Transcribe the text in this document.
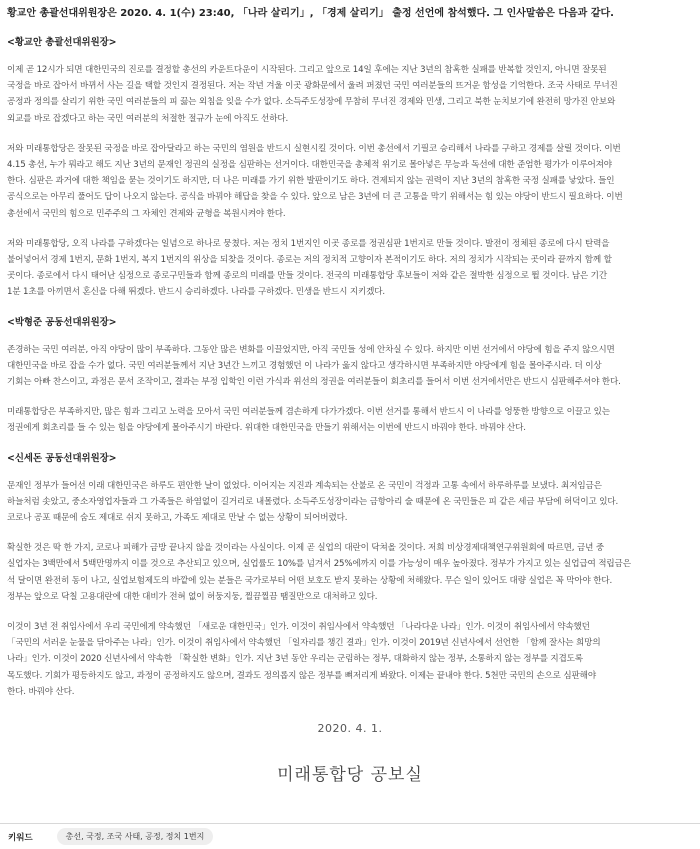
황교안 총괄선대위원장은 2020. 4. 1(수) 23:40, 「나라 살리기」, 「경제 살리기」 출정 선언에 참석했다. 그 인사말씀은 다음과 같다.
<황교안 총괄선대위원장>
이제 곧 12시가 되면 대한민국의 진로를 결정할 총선의 카운트다운이 시작된다. 그리고 앞으로 14일 후에는 지난 3년의 참혹한 실패를 반복할 것인지, 아니면 잘못된
국정을 바로 잡아서 바뀌서 사는 길을 택할 것인지 결정된다. 저는 작년 겨울 이곳 광화문에서 울려 퍼졌던 국민 여러분들의 뜨거운 함성을 기억한다. 조국 사태로 무너진
공정과 정의를 살리기 위한 국민 여러분들의 피 끓는 외침을 잊을 수가 없다. 소득주도성장에 무참히 무너진 경제와 민생, 그리고 북한 눈치보기에 완전히 망가진 안보와
외교를 바로 잡겠다고 하는 국민 여러분의 처절한 절규가 눈에 아직도 선하다.
저와 미래통합당은 잘못된 국정을 바로 잡아달라고 하는 국민의 염원을 반드시 실현시킬 것이다. 이번 총선에서 기필코 승리해서 나라를 구하고 경제를 살릴 것이다. 이번
4.15 총선, 누가 뭐라고 해도 지난 3년의 문재인 정권의 실정을 심판하는 선거이다. 대한민국을 총체적 위기로 몰아넣은 무능과 독선에 대한 준엄한 평가가 이루어져야
한다. 심판은 과거에 대한 책임을 묻는 것이기도 하지만, 더 나은 미래를 가기 위한 발판이기도 하다. 견제되지 않는 권력이 지난 3년의 참혹한 국정 실패를 낳았다. 들인
공식으로는 아무리 풀어도 답이 나오지 않는다. 공식을 바꿔야 해답을 찾을 수 있다. 앞으로 남은 3년에 더 큰 고통을 막기 위해서는 힘 있는 야당이 반드시 필요하다. 이번
총선에서 국민의 힘으로 민주주의 그 자체인 견제와 균형을 복원시켜야 한다.
저와 미래통합당, 오직 나라를 구하겠다는 일념으로 하나로 뭉쳤다. 저는 정치 1번지인 이곳 종로를 정권심판 1번지로 만들 것이다. 발전이 정체된 종로에 다시 탄력을
불어넣어서 경제 1번지, 문화 1번지, 복지 1번지의 위상을 되찾을 것이다. 종로는 저의 정치적 고향이자 본적이기도 하다. 저의 정치가 시작되는 곳이라 끝까지 함께 할
곳이다. 종로에서 다시 태어난 심정으로 종로구민들과 함께 종로의 미래를 만들 것이다. 전국의 미래통합당 후보들이 저와 같은 절박한 심정으로 뛸 것이다. 남은 기간
1분 1초를 아끼면서 혼신을 다해 뛰겠다. 반드시 승리하겠다. 나라를 구하겠다. 민생을 반드시 지키겠다.
<박형준 공동선대위원장>
존경하는 국민 여러분, 아직 야당이 많이 부족하다. 그동안 많은 변화를 이끌었지만, 아직 국민들 성에 안차실 수 있다. 하지만 이번 선거에서 야당에 힘을 주지 않으시면
대한민국을 바로 잡을 수가 없다. 국민 여러분들께서 지난 3년간 느끼고 경험했던 이 나라가 옳지 않다고 생각하시면 부족하지만 야당에게 힘을 몰아주시라. 더 이상
기회는 아빠 찬스이고, 과정은 문서 조작이고, 결과는 부정 입학인 이런 가식과 위선의 정권을 여러분들이 회초리를 들어서 이번 선거에서만은 반드시 심판해주셔야 한다.
미래통합당은 부족하지만, 많은 힘과 그리고 노력을 모아서 국민 여러분들께 겸손하게 다가가겠다. 이번 선거를 통해서 반드시 이 나라를 엉뚱한 방향으로 이끌고 있는
정권에게 회초리를 들 수 있는 힘을 야당에게 몰아주시기 바란다. 위대한 대한민국을 만들기 위해서는 이번에 반드시 바꿔야 한다. 바꿔야 산다.
<신세돈 공동선대위원장>
문재인 정부가 들어선 이래 대한민국은 하루도 편안한 날이 없었다. 이어지는 지진과 계속되는 산불로 온 국민이 걱정과 고통 속에서 하루하루를 보냈다. 최저임금은
하늘처럼 솟았고, 중소자영업자들과 그 가족들은 하염없이 길거리로 내몰렸다. 소득주도성장이라는 금항아리 술 때문에 온 국민들은 피 같은 세금 부담에 허덕이고 있다.
코로나 공포 때문에 숨도 제대로 쉬지 못하고, 가족도 제대로 만날 수 없는 상황이 되어버렸다.
확실한 것은 딱 한 가지, 코로나 피해가 금방 끝나지 않을 것이라는 사실이다. 이제 곧 실업의 대란이 닥쳐올 것이다. 저희 비상경제대책연구위원회에 따르면, 금년 중
실업자는 3백만에서 5백만명까지 이를 것으로 추산되고 있으며, 실업률도 10%를 넘겨서 25%에까지 이를 가능성이 매우 높아졌다. 정부가 가지고 있는 실업급여 적립금은
석 달이면 완전히 동이 나고, 실업보험제도의 바깥에 있는 분들은 국가로부터 어떤 보호도 받지 못하는 상황에 처해왔다. 무슨 일이 있어도 대량 실업은 꼭 막아야 한다.
정부는 앞으로 닥칠 고용대란에 대한 대비가 전혀 없이 허둥지둥, 찔끔찔끔 땜질만으로 대처하고 있다.
이것이 3년 전 취임사에서 우리 국민에게 약속했던 「새로운 대한민국」인가. 이것이 취임사에서 약속했던 「나라다운 나라」인가. 이것이 취임사에서 약속했던
「국민의 서러운 눈물을 닦아주는 나라」인가. 이것이 취임사에서 약속했던 「일자리를 챙긴 결과」인가. 이것이 2019년 신년사에서 선언한 「함께 잘사는 희망의
나라」인가. 이것이 2020 신년사에서 약속한 「확실한 변화」인가. 지난 3년 동안 우리는 군림하는 정부, 대화하지 않는 정부, 소통하지 않는 정부를 지겹도록
목도했다. 기회가 평등하지도 않고, 과정이 공정하지도 않으며, 결과도 정의롭지 않은 정부를 뼈저리게 봐왔다. 이제는 끝내야 한다. 5천만 국민의 손으로 심판해야
한다. 바꿔야 산다.
2020. 4. 1.
미래통합당 공보실
키워드	총선, 국정, 조국 사태, 공정, 정치 1번지
